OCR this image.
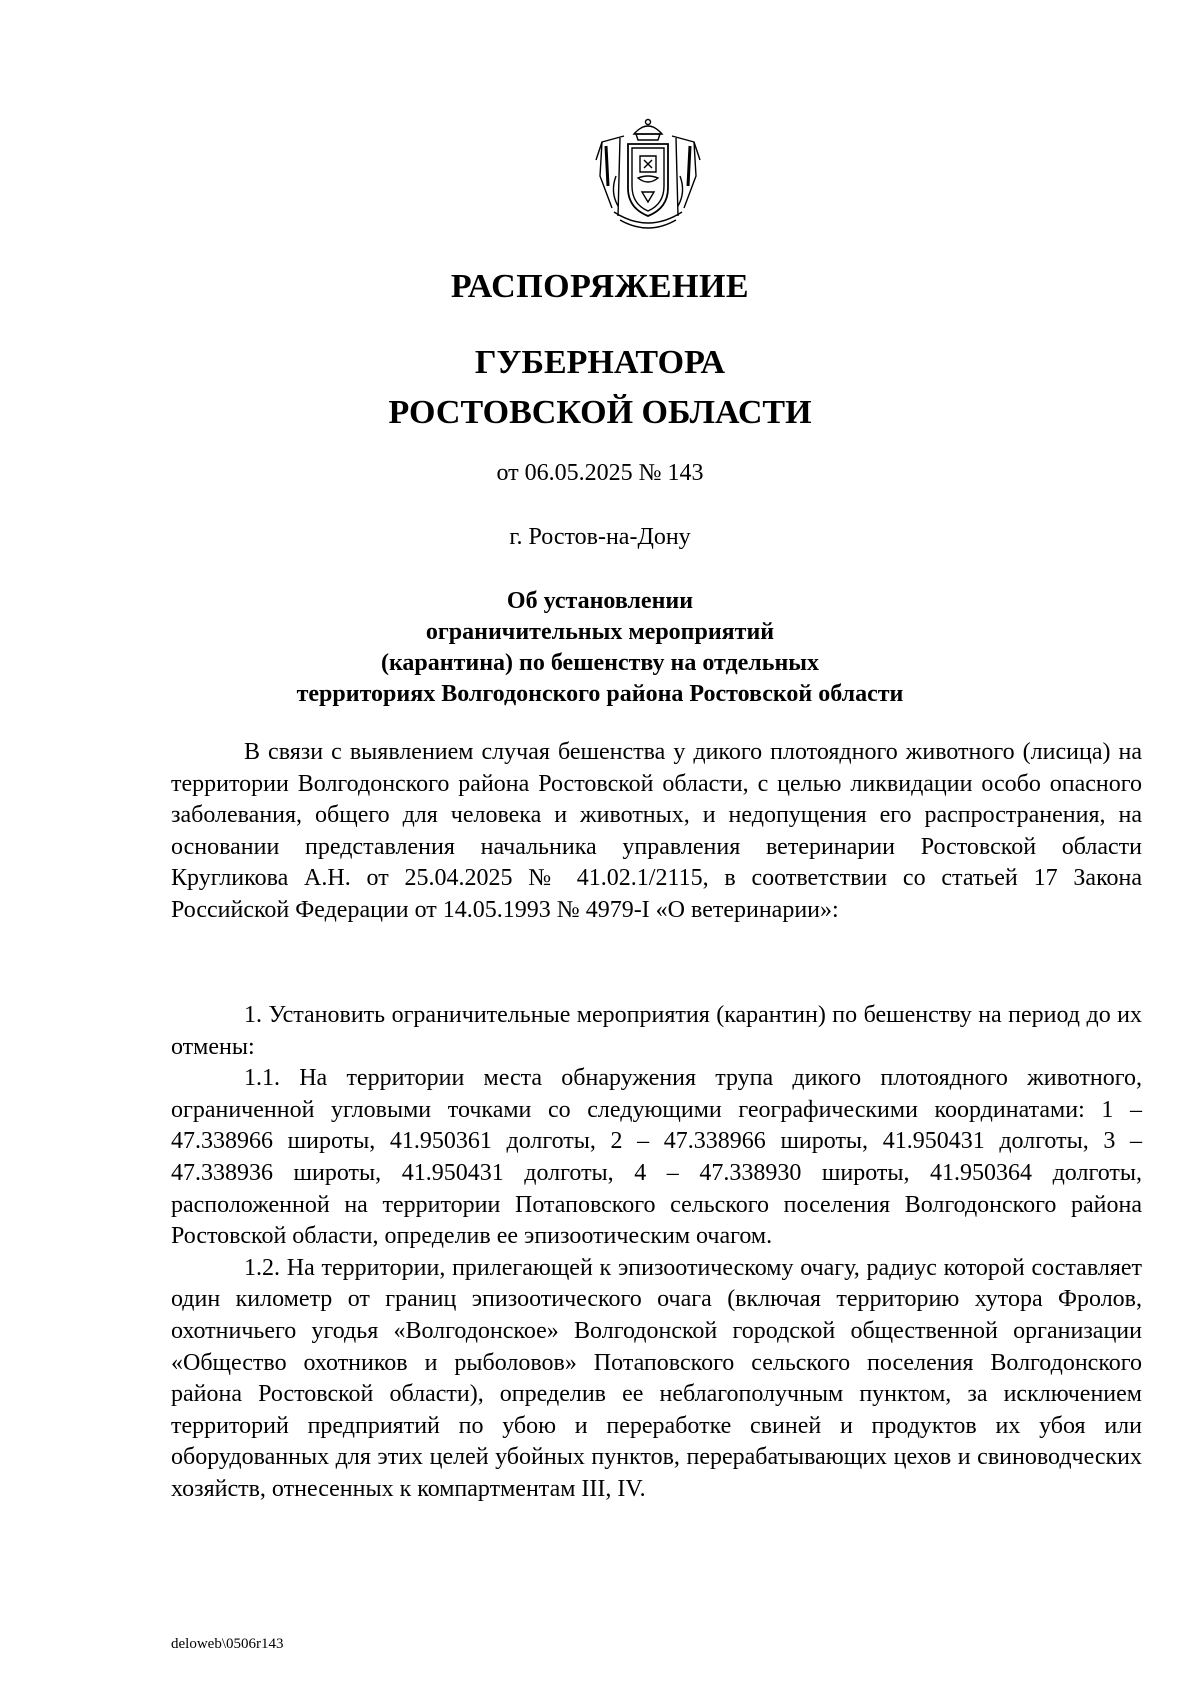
РАСПОРЯЖЕНИЕ
ГУБЕРНАТОРА
РОСТОВСКОЙ ОБЛАСТИ
от 06.05.2025 № 143
г. Ростов-на-Дону
Об установлении
ограничительных мероприятий
(карантина) по бешенству на отдельных
территориях Волгодонского района Ростовской области

В связи с выявлением случая бешенства у дикого плотоядного животного (лисица) на территории Волгодонского района Ростовской области, с целью ликвидации особо опасного заболевания, общего для человека и животных, и недопущения его распространения, на основании представления начальника управления ветеринарии Ростовской области Кругликова А.Н. от 25.04.2025 № 41.02.1/2115, в соответствии со статьей 17 Закона Российской Федерации от 14.05.1993 № 4979-I «О ветеринарии»:

1. Установить ограничительные мероприятия (карантин) по бешенству на период до их отмены:

1.1. На территории места обнаружения трупа дикого плотоядного животного, ограниченной угловыми точками со следующими географическими координатами: 1 – 47.338966 широты, 41.950361 долготы, 2 – 47.338966 широты, 41.950431 долготы, 3 – 47.338936 широты, 41.950431 долготы, 4 – 47.338930 широты, 41.950364 долготы, расположенной на территории Потаповского сельского поселения Волгодонского района Ростовской области, определив ее эпизоотическим очагом.

1.2. На территории, прилегающей к эпизоотическому очагу, радиус которой составляет один километр от границ эпизоотического очага (включая территорию хутора Фролов, охотничьего угодья «Волгодонское» Волгодонской городской общественной организации «Общество охотников и рыболовов» Потаповского сельского поселения Волгодонского района Ростовской области), определив ее неблагополучным пунктом, за исключением территорий предприятий по убою и переработке свиней и продуктов их убоя или оборудованных для этих целей убойных пунктов, перерабатывающих цехов и свиноводческих хозяйств, отнесенных к компартментам III, IV.

deloweb\0506r143
